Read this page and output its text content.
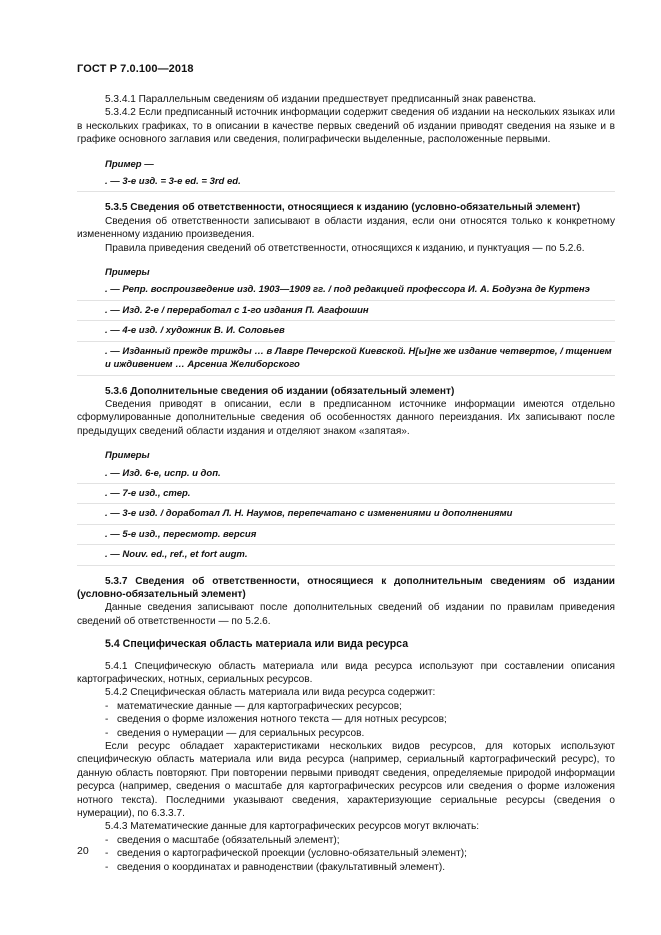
ГОСТ Р 7.0.100—2018

5.3.4.1 Параллельным сведениям об издании предшествует предписанный знак равенства.

5.3.4.2 Если предписанный источник информации содержит сведения об издании на нескольких языках или в нескольких графиках, то в описании в качестве первых сведений об издании приводят сведения на языке и в графике основного заглавия или сведения, полиграфически выделенные, расположенные первыми.

Пример —
. — 3-е изд. = 3-е ed. = 3rd ed.
5.3.5 Сведения об ответственности, относящиеся к изданию (условно-обязательный элемент)

Сведения об ответственности записывают в области издания, если они относятся только к конкретному измененному изданию произведения.

Правила приведения сведений об ответственности, относящихся к изданию, и пунктуация — по 5.2.6.

Примеры
. — Репр. воспроизведение изд. 1903—1909 гг. / под редакцией профессора И. А. Бодуэна де Куртенэ
. — Изд. 2-е / переработал с 1-го издания П. Агафошин
. — 4-е изд. / художник В. И. Соловьев
. — Изданный прежде трижды … в Лавре Печерской Киевской. Н[ы]не же издание четвертое, / тщением и иждивением … Арсениа Желиборского
5.3.6 Дополнительные сведения об издании (обязательный элемент)

Сведения приводят в описании, если в предписанном источнике информации имеются отдельно сформулированные дополнительные сведения об особенностях данного переиздания. Их записывают после предыдущих сведений области издания и отделяют знаком «запятая».

Примеры
. — Изд. 6-е, испр. и доп.
. — 7-е изд., стер.
. — 3-е изд. / доработал Л. Н. Наумов, перепечатано с изменениями и дополнениями
. — 5-е изд., пересмотр. версия
. — Nouv. ed., ref., et fort augm.
5.3.7 Сведения об ответственности, относящиеся к дополнительным сведениям об издании (условно-обязательный элемент)

Данные сведения записывают после дополнительных сведений об издании по правилам приведения сведений об ответственности — по 5.2.6.

5.4 Специфическая область материала или вида ресурса

5.4.1 Специфическую область материала или вида ресурса используют при составлении описания картографических, нотных, сериальных ресурсов.

5.4.2 Специфическая область материала или вида ресурса содержит:

- математические данные — для картографических ресурсов;
- сведения о форме изложения нотного текста — для нотных ресурсов;
- сведения о нумерации — для сериальных ресурсов.

Если ресурс обладает характеристиками нескольких видов ресурсов, для которых используют специфическую область материала или вида ресурса (например, сериальный картографический ресурс), то данную область повторяют. При повторении первыми приводят сведения, определяемые природой информации ресурса (например, сведения о масштабе для картографических ресурсов или сведения о форме изложения нотного текста). Последними указывают сведения, характеризующие сериальные ресурсы (сведения о нумерации), по 6.3.3.7.

5.4.3 Математические данные для картографических ресурсов могут включать:

- сведения о масштабе (обязательный элемент);
- сведения о картографической проекции (условно-обязательный элемент);
- сведения о координатах и равноденствии (факультативный элемент).
20
